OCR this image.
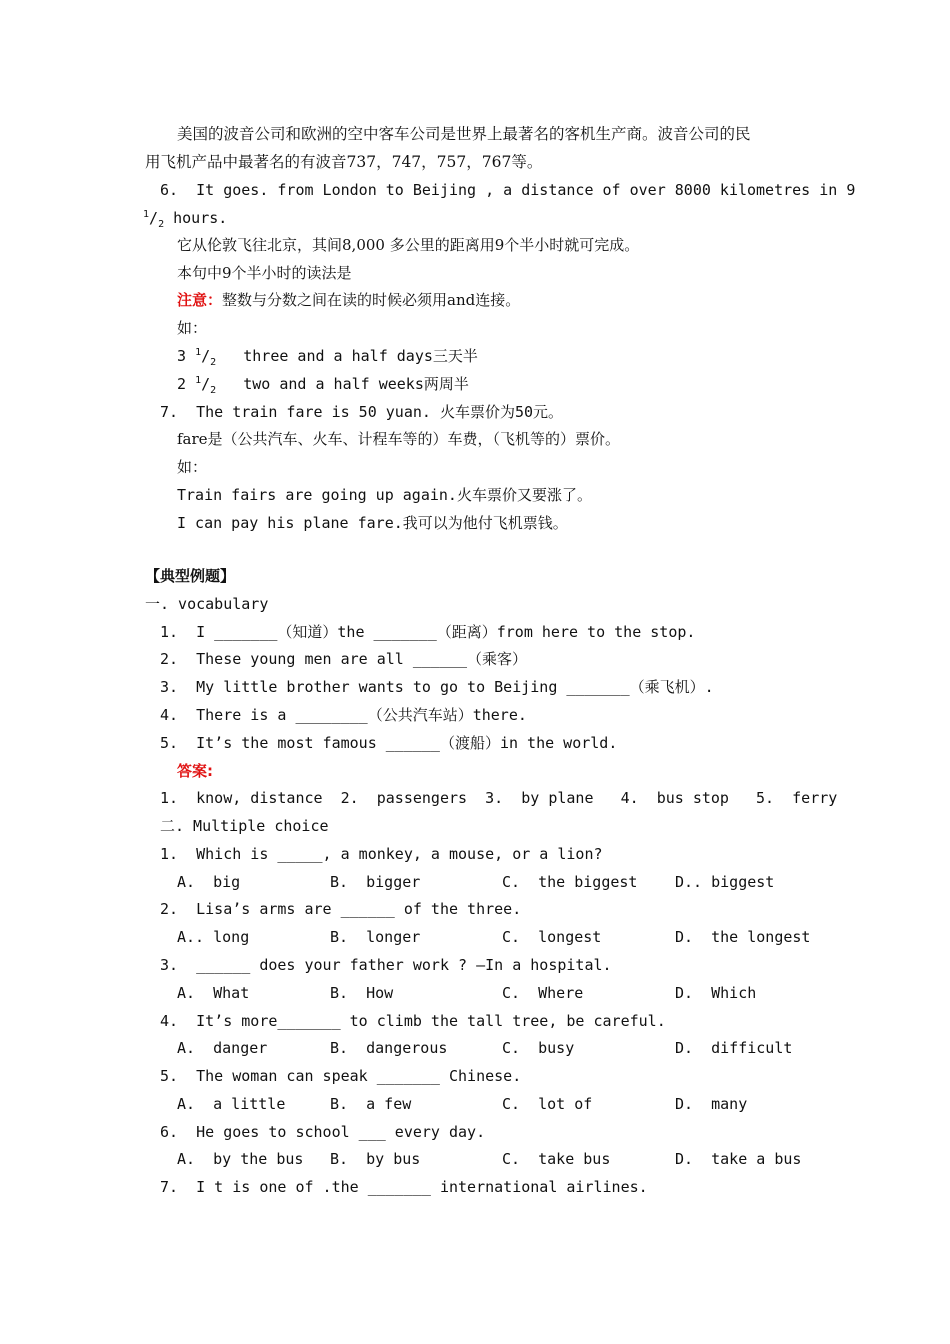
美国的波音公司和欧洲的空中客车公司是世界上最著名的客机生产商。波音公司的民
用飞机产品中最著名的有波音737，747，757，767等。
6.  It goes. from London to Beijing , a distance of over 8000 kilometres in 9
$^1/_2$ hours.
它从伦敦飞往北京，其间8,000 多公里的距离用9个半小时就可完成。
本句中9个半小时的读法是
注意：整数与分数之间在读的时候必须用and连接。
如：
3 $^1/_2$   three and a half days三天半
2 $^1/_2$   two and a half weeks两周半
7.  The train fare is 50 yuan. 火车票价为50元。
fare是（公共汽车、火车、计程车等的）车费，（飞机等的）票价。
如：
Train fairs are going up again.火车票价又要涨了。
I can pay his plane fare.我可以为他付飞机票钱。
【典型例题】
一. vocabulary
1.  I _______（知道）the _______（距离）from here to the stop.
2.  These young men are all ______（乘客）
3.  My little brother wants to go to Beijing _______（乘飞机）.
4.  There is a ________（公共汽车站）there.
5.  It’s the most famous ______（渡船）in the world.
答案:
1.  know, distance  2.  passengers  3.  by plane   4.  bus stop   5.  ferry
二. Multiple choice
1.  Which is _____, a monkey, a mouse, or a lion?
A.  big	B.  bigger	C.  the biggest	D.. biggest
2.  Lisa’s arms are ______ of the three.
A.. long	B.  longer	C.  longest	D.  the longest
3.  ______ does your father work ? —In a hospital.
A.  What	B.  How	C.  Where	D.  Which
4.  It’s more_______ to climb the tall tree, be careful.
A.  danger	B.  dangerous	C.  busy	D.  difficult
5.  The woman can speak _______ Chinese.
A.  a little	B.  a few	C.  lot of	D.  many
6.  He goes to school ___ every day.
A.  by the bus B.  by bus	C.  take bus	D.  take a bus
7.  I t is one of .the _______ international airlines.
